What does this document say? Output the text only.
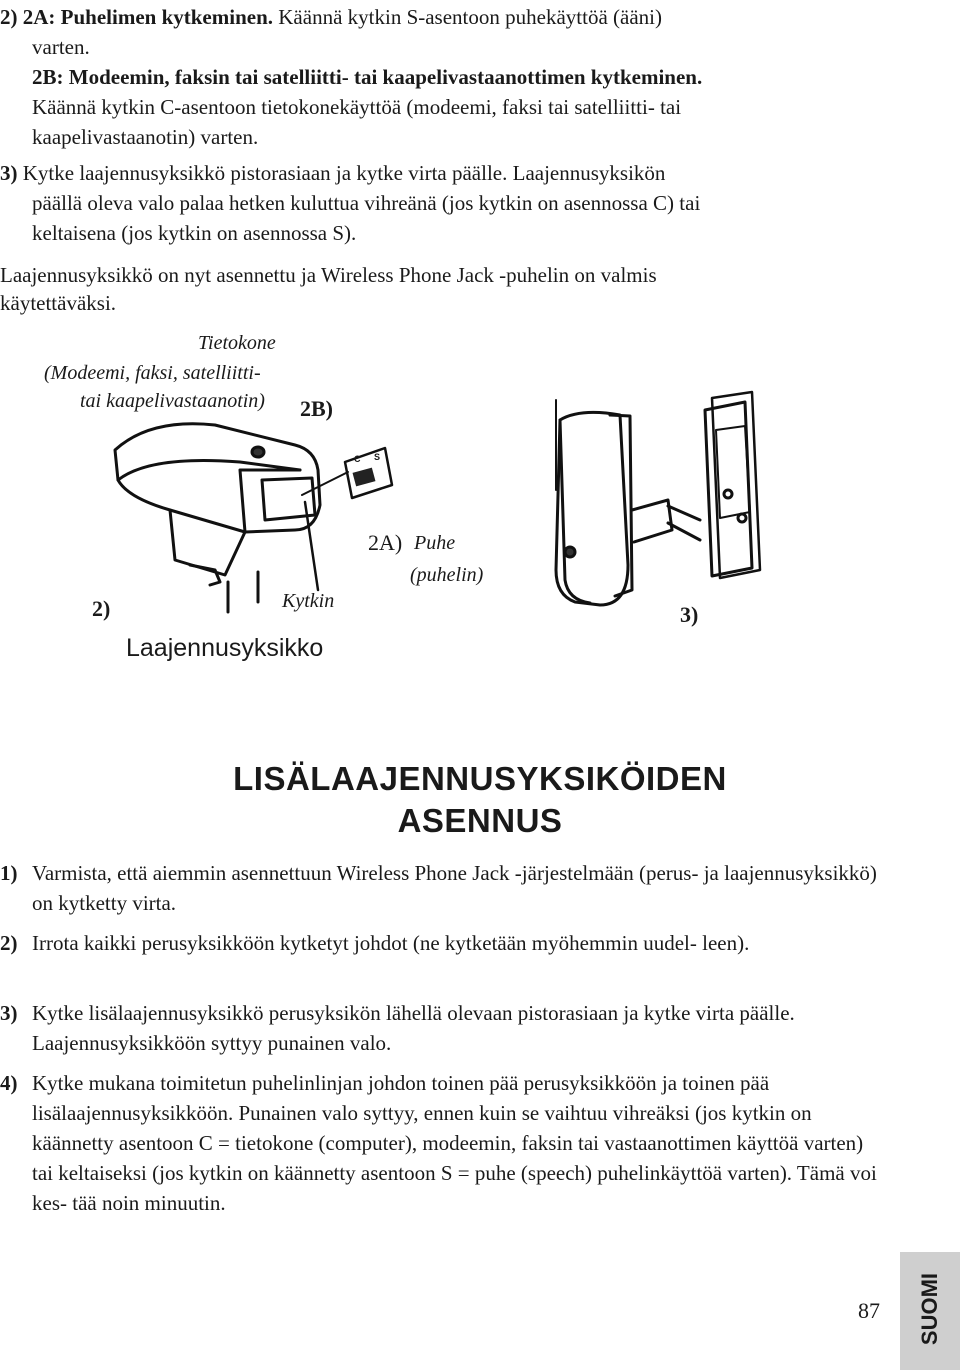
2) 2A: Puhelimen kytkeminen. Käännä kytkin S-asentoon puhekäyttöä (ääni)

varten.

2B: Modeemin, faksin tai satelliitti- tai kaapelivastaanottimen kytkeminen.

Käännä kytkin C-asentoon tietokonekäyttöä (modeemi, faksi tai satelliitti- tai

kaapelivastaanotin) varten.

3) Kytke laajennusyksikkö pistorasiaan ja kytke virta päälle. Laajennusyksikön

päällä oleva valo palaa hetken kuluttua vihreänä (jos kytkin on asennossa C) tai

keltaisena (jos kytkin on asennossa S).

Laajennusyksikkö on nyt asennettu ja Wireless Phone Jack -puhelin on valmis

käytettäväksi.

Tietokone
(Modeemi, faksi, satelliitti-
tai kaapelivastaanotin) 2B)
C S
2A) Puhe
(puhelin)
2)	Kytkin
3)
Laajennusyksikko
LISÄLAAJENNUSYKSIKÖIDEN
ASENNUS
1) Varmista, että aiemmin asennettuun Wireless Phone Jack -järjestelmään (perus- ja laajennusyksikkö) on kytketty virta.
2) Irrota kaikki perusyksikköön kytketyt johdot (ne kytketään myöhemmin uudel- leen).
3) Kytke lisälaajennusyksikkö perusyksikön lähellä olevaan pistorasiaan ja kytke virta päälle. Laajennusyksikköön syttyy punainen valo.
4) Kytke mukana toimitetun puhelinlinjan johdon toinen pää perusyksikköön ja toinen pää lisälaajennusyksikköön. Punainen valo syttyy, ennen kuin se vaihtuu vihreäksi (jos kytkin on käännetty asentoon C = tietokone (computer), modeemin, faksin tai vastaanottimen käyttöä varten) tai keltaiseksi (jos kytkin on käännetty asentoon S = puhe (speech) puhelinkäyttöä varten). Tämä voi kes- tää noin minuutin.
87 SUOMI
